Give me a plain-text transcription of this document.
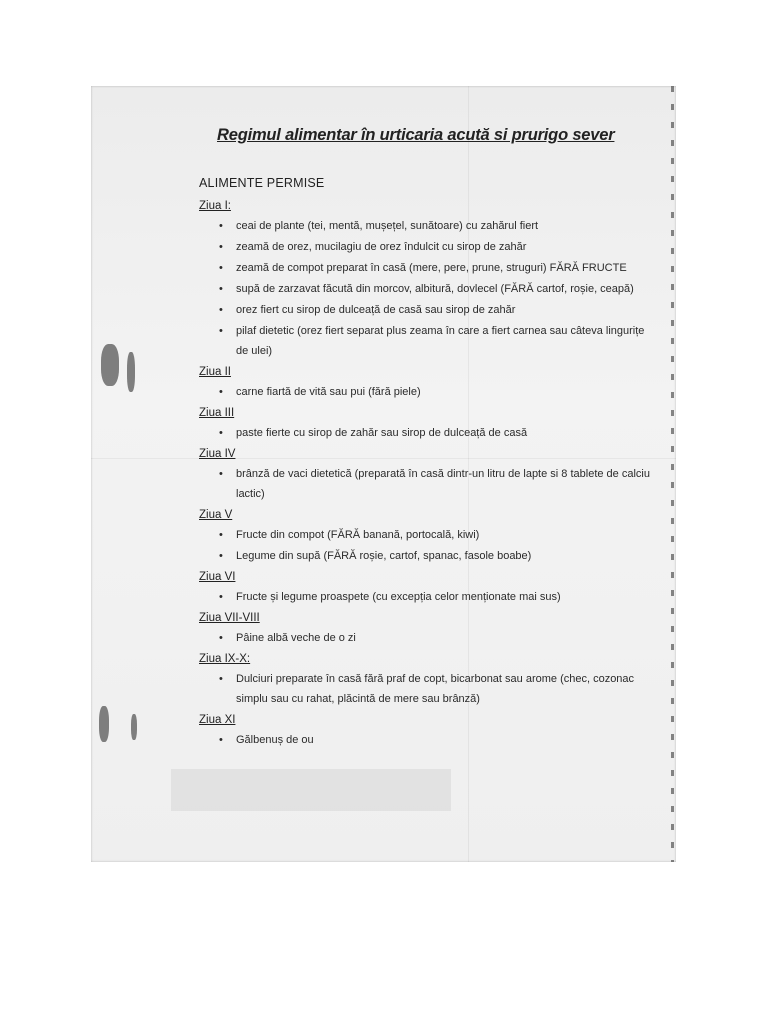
Regimul alimentar în urticaria acută si prurigo sever
ALIMENTE PERMISE
Ziua I:
• ceai de plante (tei, mentă, mușețel, sunătoare) cu zahărul fiert
• zeamă de orez, mucilagiu de orez îndulcit cu sirop de zahăr
• zeamă de compot preparat în casă (mere, pere, prune, struguri) FĂRĂ FRUCTE
• supă de zarzavat făcută din morcov, albitură, dovlecel (FĂRĂ cartof, roșie, ceapă)
• orez fiert cu sirop de dulceață de casă sau sirop de zahăr
• pilaf dietetic (orez fiert separat plus zeama în care a fiert carnea sau câteva lingurițe de ulei)
Ziua II
• carne fiartă de vită sau pui (fără piele)
Ziua III
• paste fierte cu sirop de zahăr sau sirop de dulceață de casă
Ziua IV
• brânză de vaci dietetică (preparată în casă dintr-un litru de lapte si 8 tablete de calciu lactic)
Ziua V
• Fructe din compot (FĂRĂ banană, portocală, kiwi)
• Legume din supă (FĂRĂ roșie, cartof, spanac, fasole boabe)
Ziua VI
• Fructe și legume proaspete (cu excepția celor menționate mai sus)
Ziua VII-VIII
• Pâine albă veche de o zi
Ziua IX-X:
• Dulciuri preparate în casă fără praf de copt, bicarbonat sau arome (chec, cozonac simplu sau cu rahat, plăcintă de mere sau brânză)
Ziua XI
• Gălbenuș de ou
